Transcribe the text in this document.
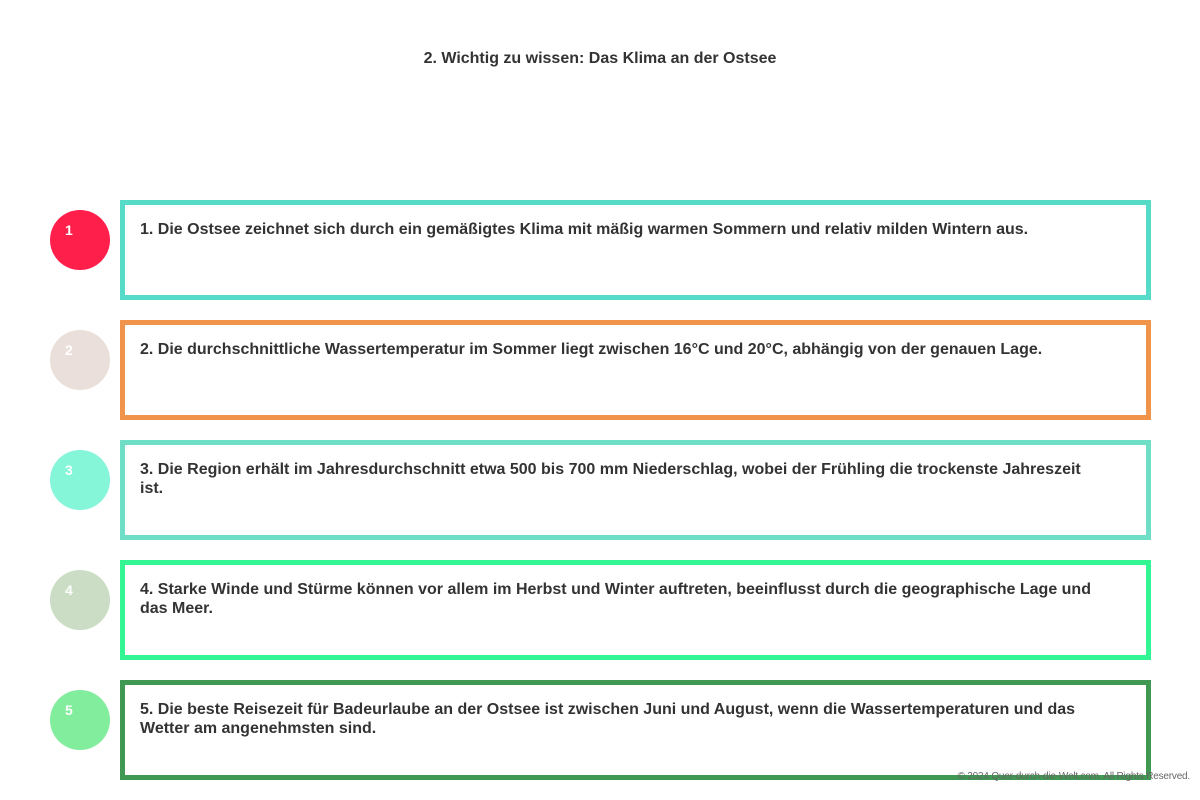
2. Wichtig zu wissen: Das Klima an der Ostsee
1	1. Die Ostsee zeichnet sich durch ein gemäßigtes Klima mit mäßig warmen Sommern und relativ milden Wintern aus.
2	2. Die durchschnittliche Wassertemperatur im Sommer liegt zwischen 16°C und 20°C, abhängig von der genauen Lage.
3	3. Die Region erhält im Jahresdurchschnitt etwa 500 bis 700 mm Niederschlag, wobei der Frühling die trockenste Jahreszeit ist.
4	4. Starke Winde und Stürme können vor allem im Herbst und Winter auftreten, beeinflusst durch die geographische Lage und das Meer.
5	5. Die beste Reisezeit für Badeurlaube an der Ostsee ist zwischen Juni und August, wenn die Wassertemperaturen und das Wetter am angenehmsten sind.
© 2024 Quer-durch-die-Welt.com. All Rights Reserved.
